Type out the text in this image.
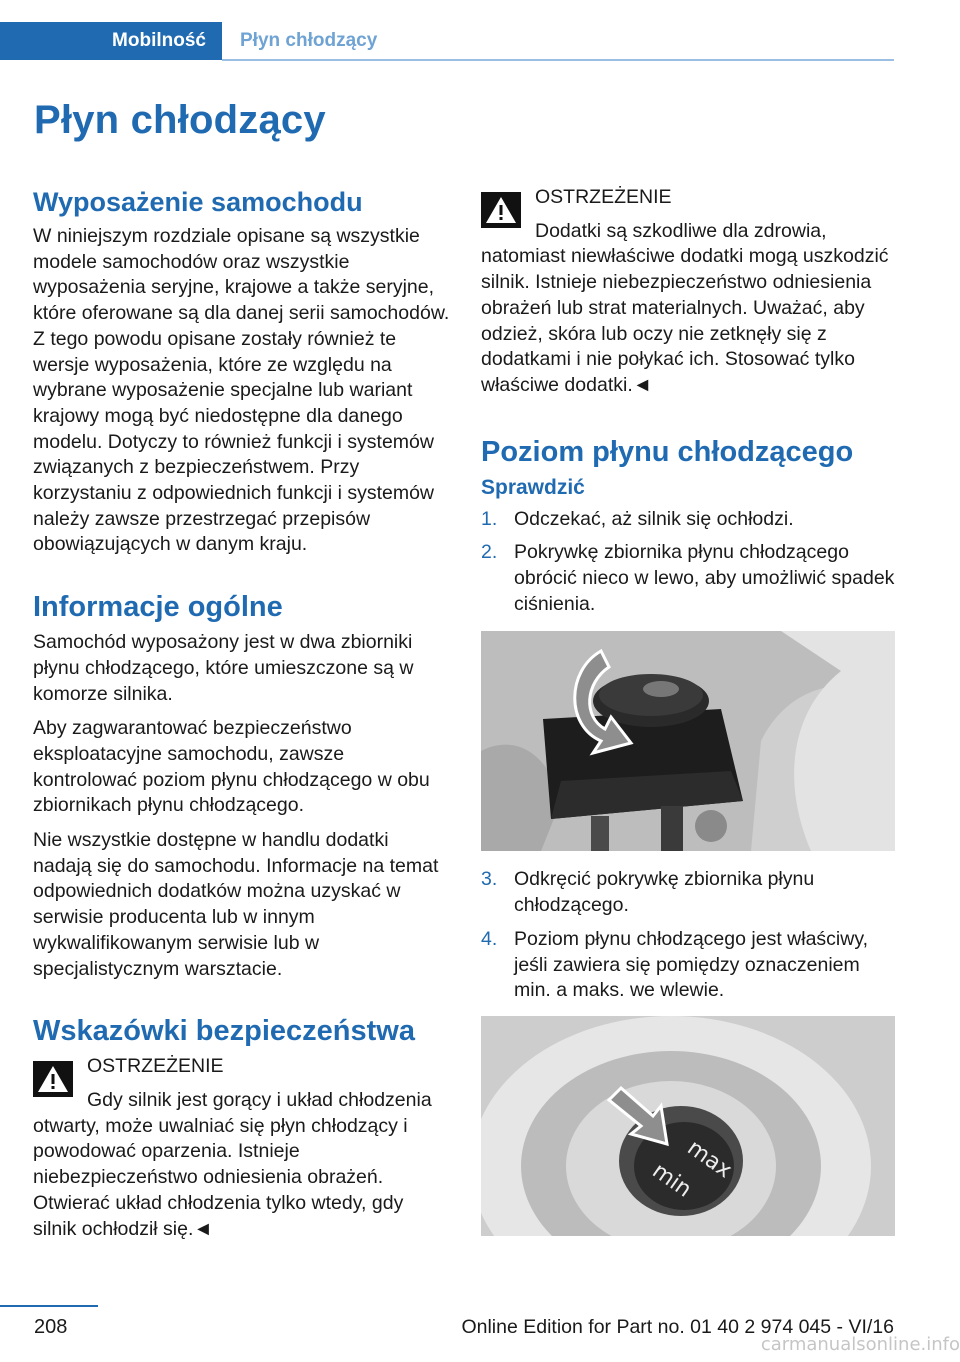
Mobilność	Płyn chłodzący
Płyn chłodzący
Wyposażenie samochodu

W niniejszym rozdziale opisane są wszystkie modele samochodów oraz wszystkie wyposażenia seryjne, krajowe a także seryjne, które oferowane są dla danej serii samochodów. Z tego powodu opisane zostały również te wersje wyposażenia, które ze względu na wybrane wyposażenie specjalne lub wariant krajowy mogą być niedostępne dla danego modelu. Dotyczy to również funkcji i systemów związanych z bezpieczeństwem. Przy korzystaniu z odpowiednich funkcji i systemów należy zawsze przestrzegać przepisów obowiązujących w danym kraju.

Informacje ogólne

Samochód wyposażony jest w dwa zbiorniki płynu chłodzącego, które umieszczone są w komorze silnika.

Aby zagwarantować bezpieczeństwo eksploatacyjne samochodu, zawsze kontrolować poziom płynu chłodzącego w obu zbiornikach płynu chłodzącego.

Nie wszystkie dostępne w handlu dodatki nadają się do samochodu. Informacje na temat odpowiednich dodatków można uzyskać w serwisie producenta lub w innym wykwalifikowanym serwisie lub w specjalistycznym warsztacie.

Wskazówki bezpieczeństwa
OSTRZEŻENIE
Gdy silnik jest gorący i układ chłodzenia otwarty, może uwalniać się płyn chłodzący i powodować oparzenia. Istnieje niebezpieczeństwo odniesienia obrażeń. Otwierać układ chłodzenia tylko wtedy, gdy silnik ochłodził się.◄
OSTRZEŻENIE
Dodatki są szkodliwe dla zdrowia, natomiast niewłaściwe dodatki mogą uszkodzić silnik. Istnieje niebezpieczeństwo odniesienia obrażeń lub strat materialnych. Uważać, aby odzież, skóra lub oczy nie zetknęły się z dodatkami i nie połykać ich. Stosować tylko właściwe dodatki.◄
Poziom płynu chłodzącego
Sprawdzić
1. Odczekać, aż silnik się ochłodzi.
2. Pokrywkę zbiornika płynu chłodzącego obrócić nieco w lewo, aby umożliwić spadek ciśnienia.
3. Odkręcić pokrywkę zbiornika płynu chłodzącego.
4. Poziom płynu chłodzącego jest właściwy, jeśli zawiera się pomiędzy oznaczeniem min. a maks. we wlewie.
max
min
208	Online Edition for Part no. 01 40 2 974 045 - VI/16
carmanualsonline.info
